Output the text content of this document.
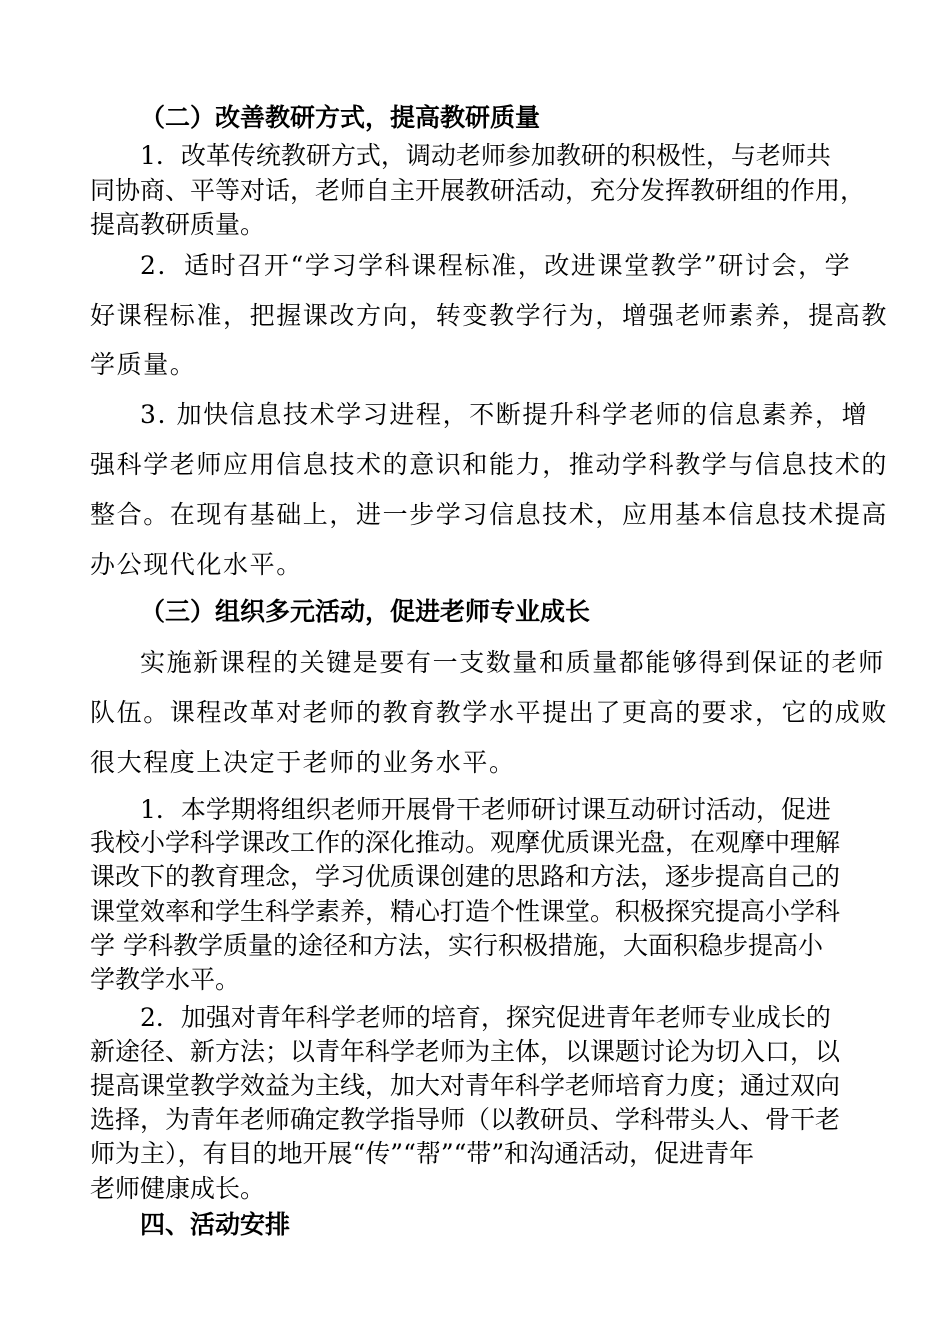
（二）改善教研方式，提高教研质量
1．改革传统教研方式，调动老师参加教研的积极性，与老师共
同协商、平等对话，老师自主开展教研活动，充分发挥教研组的作用，
提高教研质量。
2．适时召开“学习学科课程标准，改进课堂教学”研讨会，学
好课程标准，把握课改方向，转变教学行为，增强老师素养，提高教
学质量。
3. 加快信息技术学习进程，不断提升科学老师的信息素养，增
强科学老师应用信息技术的意识和能力，推动学科教学与信息技术的
整合。在现有基础上，进一步学习信息技术，应用基本信息技术提高
办公现代化水平。
（三）组织多元活动，促进老师专业成长
实施新课程的关键是要有一支数量和质量都能够得到保证的老师
队伍。课程改革对老师的教育教学水平提出了更高的要求，它的成败
很大程度上决定于老师的业务水平。
1．本学期将组织老师开展骨干老师研讨课互动研讨活动，促进
我校小学科学课改工作的深化推动。观摩优质课光盘，在观摩中理解
课改下的教育理念，学习优质课创建的思路和方法，逐步提高自己的
课堂效率和学生科学素养，精心打造个性课堂。积极探究提高小学科
学 学科教学质量的途径和方法，实行积极措施，大面积稳步提高小
学教学水平。
2．加强对青年科学老师的培育，探究促进青年老师专业成长的
新途径、新方法；以青年科学老师为主体，以课题讨论为切入口，以
提高课堂教学效益为主线，加大对青年科学老师培育力度；通过双向
选择，为青年老师确定教学指导师（以教研员、学科带头人、骨干老
师为主），有目的地开展“传”“帮”“带”和沟通活动，促进青年
老师健康成长。
四、活动安排
